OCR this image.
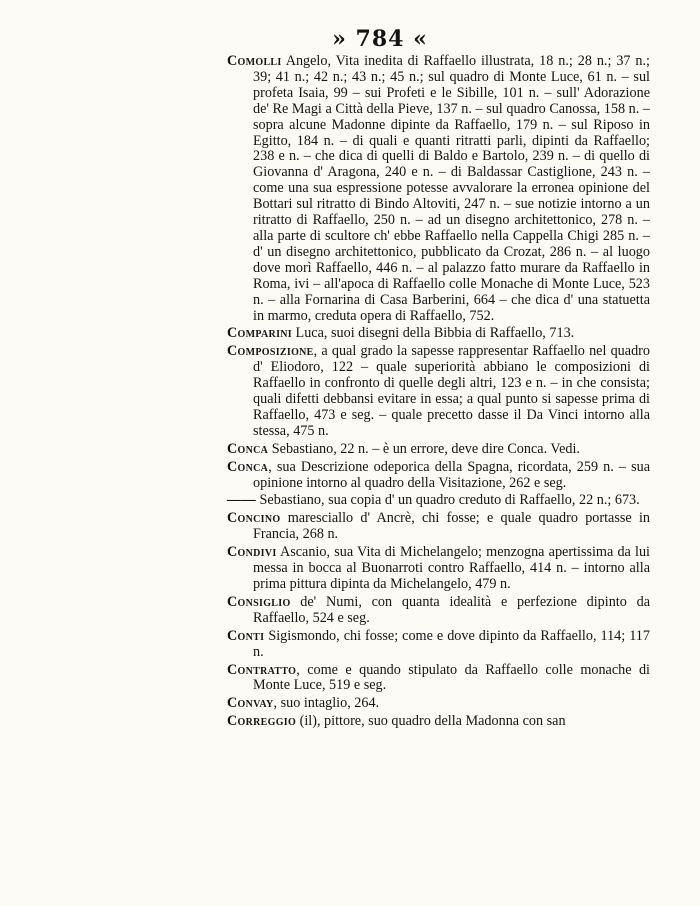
» 784 «

Comolli Angelo, Vita inedita di Raffaello illustrata, 18 n.; 28 n.; 37 n.; 39; 41 n.; 42 n.; 43 n.; 45 n.; sul quadro di Monte Luce, 61 n. – sul profeta Isaia, 99 – sui Profeti e le Sibille, 101 n. – sull' Adorazione de' Re Magi a Città della Pieve, 137 n. – sul quadro Canossa, 158 n. – sopra alcune Madonne dipinte da Raffaello, 179 n. – sul Riposo in Egitto, 184 n. – di quali e quanti ritratti parli, dipinti da Raffaello; 238 e n. – che dica di quelli di Baldo e Bartolo, 239 n. – di quello di Giovanna d' Aragona, 240 e n. – di Baldassar Castiglione, 243 n. – come una sua espressione potesse avvalorare la erronea opinione del Bottari sul ritratto di Bindo Altoviti, 247 n. – sue notizie intorno a un ritratto di Raffaello, 250 n. – ad un disegno architettonico, 278 n. – alla parte di scultore ch' ebbe Raffaello nella Cappella Chigi 285 n. – d' un disegno architettonico, pubblicato da Crozat, 286 n. – al luogo dove morì Raffaello, 446 n. – al palazzo fatto murare da Raffaello in Roma, ivi – all'apoca di Raffaello colle Monache di Monte Luce, 523 n. – alla Fornarina di Casa Barberini, 664 – che dica d' una statuetta in marmo, creduta opera di Raffaello, 752.

Comparini Luca, suoi disegni della Bibbia di Raffaello, 713.

Composizione, a qual grado la sapesse rappresentar Raffaello nel quadro d' Eliodoro, 122 – quale superiorità abbiano le composizioni di Raffaello in confronto di quelle degli altri, 123 e n. – in che consista; quali difetti debbansi evitare in essa; a qual punto si sapesse prima di Raffaello, 473 e seg. – quale precetto dasse il Da Vinci intorno alla stessa, 475 n.

Conca Sebastiano, 22 n. – è un errore, deve dire Conca. Vedi.

Conca, sua Descrizione odeporica della Spagna, ricordata, 259 n. – sua opinione intorno al quadro della Visitazione, 262 e seg.

—— Sebastiano, sua copia d' un quadro creduto di Raffaello, 22 n.; 673.

Concino maresciallo d' Ancrè, chi fosse; e quale quadro portasse in Francia, 268 n.

Condivi Ascanio, sua Vita di Michelangelo; menzogna apertissima da lui messa in bocca al Buonarroti contro Raffaello, 414 n. – intorno alla prima pittura dipinta da Michelangelo, 479 n.

Consiglio de' Numi, con quanta idealità e perfezione dipinto da Raffaello, 524 e seg.

Conti Sigismondo, chi fosse; come e dove dipinto da Raffaello, 114; 117 n.

Contratto, come e quando stipulato da Raffaello colle monache di Monte Luce, 519 e seg.

Convay, suo intaglio, 264.

Correggio (il), pittore, suo quadro della Madonna con san
